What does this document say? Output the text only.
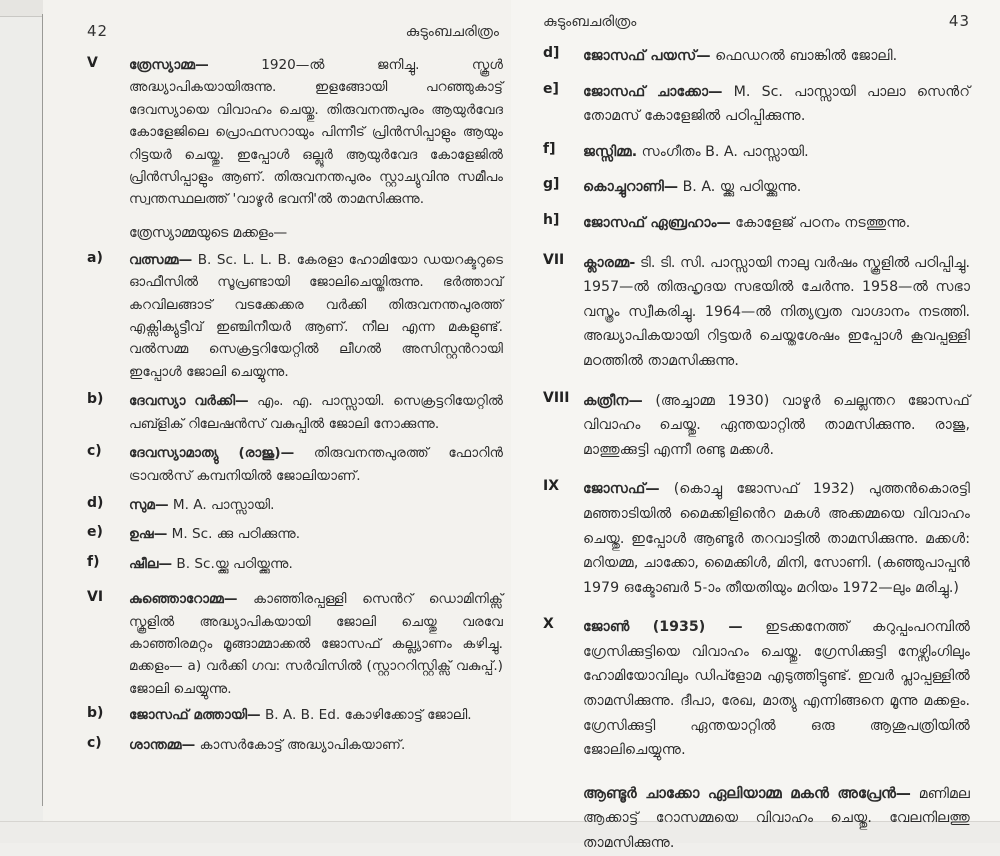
42	കുടുംബചരിത്രം
V	ത്രേസ്യാമ്മ—	1920—ൽ ജനിച്ചു. സ്കൂൾ അദ്ധ്യാപികയായിരുന്നു. ഇളങ്ങോയി പറഞ്ഞുകാട്ട് ദേവസ്യായെ വിവാഹം ചെയ്തു. തിരുവനന്തപുരം ആയുർവേദ കോളേജിലെ പ്രൊഫസറായും പിന്നീട് പ്രിൻസിപ്പാളും ആയും റിട്ടയർ ചെയ്തു. ഇപ്പോൾ ഒല്ലൂർ ആയുർവേദ കോളേജിൽ പ്രിൻസിപ്പാളും ആണ്. തിരുവനന്തപുരം സ്റ്റാച്യുവിനു സമീപം സ്വന്തസ്ഥലത്ത് 'വാഴൂർ ഭവനി'ൽ താമസിക്കുന്നു.
ത്രേസ്യാമ്മയുടെ മക്കളം—
a)	വത്സമ്മ— B. Sc. L. L. B. കേരളാ ഹോമിയോ ഡയറക്ടറുടെ ഓഫീസിൽ സൂപ്രണ്ടായി ജോലിചെയ്തിരുന്നു. ഭർത്താവ് കറവിലങ്ങാട് വടക്കേക്കര വർക്കി തിരുവനന്തപുരത്ത് എക്സിക്യുട്ടീവ് ഇഞ്ചിനീയർ ആണ്. നീല എന്ന മകളുണ്ട്. വൽസമ്മ സെക്രട്ടറിയേറ്റിൽ ലീഗൽ അസിസ്റ്റൻറായി ഇപ്പോൾ ജോലി ചെയ്യുന്നു.
b)	ദേവസ്യാ വർക്കി— എം. എ. പാസ്സായി. സെക്രട്ടറിയേറ്റിൽ പബ്ളിക് റിലേഷൻസ് വകുപ്പിൽ ജോലി നോക്കുന്നു.
c)	ദേവസ്യാമാത്യു (രാജു)— തിരുവനന്തപുരത്ത് ഫോറിൻ ട്രാവൽസ് കമ്പനിയിൽ ജോലിയാണ്.
d)	സുമ— M. A. പാസ്സായി.
e)	ഉഷ— M. Sc. ക്കു പഠിക്കുന്നു.
f)	ഷീല— B. Sc.യ്ക്കു പഠിയ്ക്കുന്നു.
VI	കുഞ്ഞൊറോമ്മ— കാഞ്ഞിരപ്പള്ളി സെൻറ് ഡൊമിനിക്സ് സ്കൂളിൽ അദ്ധ്യാപികയായി ജോലി ചെയ്തു വരവേ കാഞ്ഞിരമറ്റം മൂങ്ങാമ്മാക്കൽ ജോസഫ് കല്ല്യാണം കഴിച്ചു. മക്കളം— a) വർക്കി ഗവ: സർവിസിൽ (സ്റ്റാററിസ്റ്റിക്സ് വകുപ്പ്.) ജോലി ചെയ്യുന്നു.
b)	ജോസഫ് മത്തായി— B. A. B. Ed. കോഴിക്കോട്ട് ജോലി.
c)	ശാന്തമ്മ— കാസർകോട്ട് അദ്ധ്യാപികയാണ്.
കുടുംബചരിത്രം	43
d]	ജോസഫ് പയസ്— ഫെഡറൽ ബാങ്കിൽ ജോലി.
e]	ജോസഫ് ചാക്കോ— M. Sc. പാസ്സായി പാലാ സെൻറ് തോമസ് കോളേജിൽ പഠിപ്പിക്കുന്നു.
f]	ജസ്സിമ്മ. സംഗീതം B. A. പാസ്സായി.
g]	കൊച്ചുറാണി— B. A. യ്ക്കു പഠിയ്ക്കുന്നു.
h]	ജോസഫ് ഏബ്രഹാം— കോളേജ് പഠനം നടത്തുന്നു.
VII	ക്ലാരമ്മ- ടി. ടി. സി. പാസ്സായി നാലു വർഷം സ്കൂളിൽ പഠിപ്പിച്ചു. 1957—ൽ തിരുഹൃദയ സഭയിൽ ചേർന്നു. 1958—ൽ സഭാ വസ്ത്രം സ്വീകരിച്ചു. 1964—ൽ നിത്യവ്രത വാഗ്ദാനം നടത്തി. അദ്ധ്യാപികയായി റിട്ടയർ ചെയ്തശേഷം ഇപ്പോൾ കൂവപ്പള്ളി മഠത്തിൽ താമസിക്കുന്നു.
VIII കത്രീന— (അച്ചാമ്മ 1930) വാഴൂർ ചെല്ലന്തറ ജോസഫ് വിവാഹം ചെയ്തു. ഏന്തയാറ്റിൽ താമസിക്കുന്നു. രാജു, മാത്തുക്കുട്ടി എന്നീ രണ്ടു മക്കൾ.
IX	ജോസഫ്— (കൊച്ചു ജോസഫ് 1932) പുത്തൻകൊരട്ടി മഞ്ഞാടിയിൽ മൈക്കിളിൻെറ മകൾ അക്കമ്മയെ വിവാഹം ചെയ്തു. ഇപ്പോൾ ആണ്ടൂർ തറവാട്ടിൽ താമസിക്കുന്നു. മക്കൾ: മറിയമ്മ, ചാക്കോ, മൈക്കിൾ, മിനി, സോണി. (കഞ്ഞുപാപ്പൻ 1979 ഒക്ടോബർ 5-ാം തീയതിയും മറിയം 1972—ലും മരിച്ചു.)
X	ജോൺ (1935) — ഇടക്കനേത്ത് കറുപ്പംപറമ്പിൽ ഗ്രേസിക്കുട്ടിയെ വിവാഹം ചെയ്തു. ഗ്രേസിക്കുട്ടി നേഴ്സിംഗിലും ഹോമിയോവിലും ഡിപ്ളോമ എടുത്തിട്ടുണ്ട്. ഇവർ പ്ലാപ്പള്ളിൽ താമസിക്കുന്നു. ദീപാ, രേഖ, മാത്യു എന്നിങ്ങനെ മൂന്നു മക്കളം. ഗ്രേസിക്കുട്ടി ഏന്തയാറ്റിൽ ഒരു ആശുപത്രിയിൽ ജോലിചെയ്യുന്നു.
ആണ്ടൂർ ചാക്കോ ഏലിയാമ്മ മകൻ അപ്രേൻ— മണിമല ആക്കാട്ട് റോസമ്മയെ വിവാഹം ചെയ്തു. വേലനിലത്തു താമസിക്കുന്നു.
